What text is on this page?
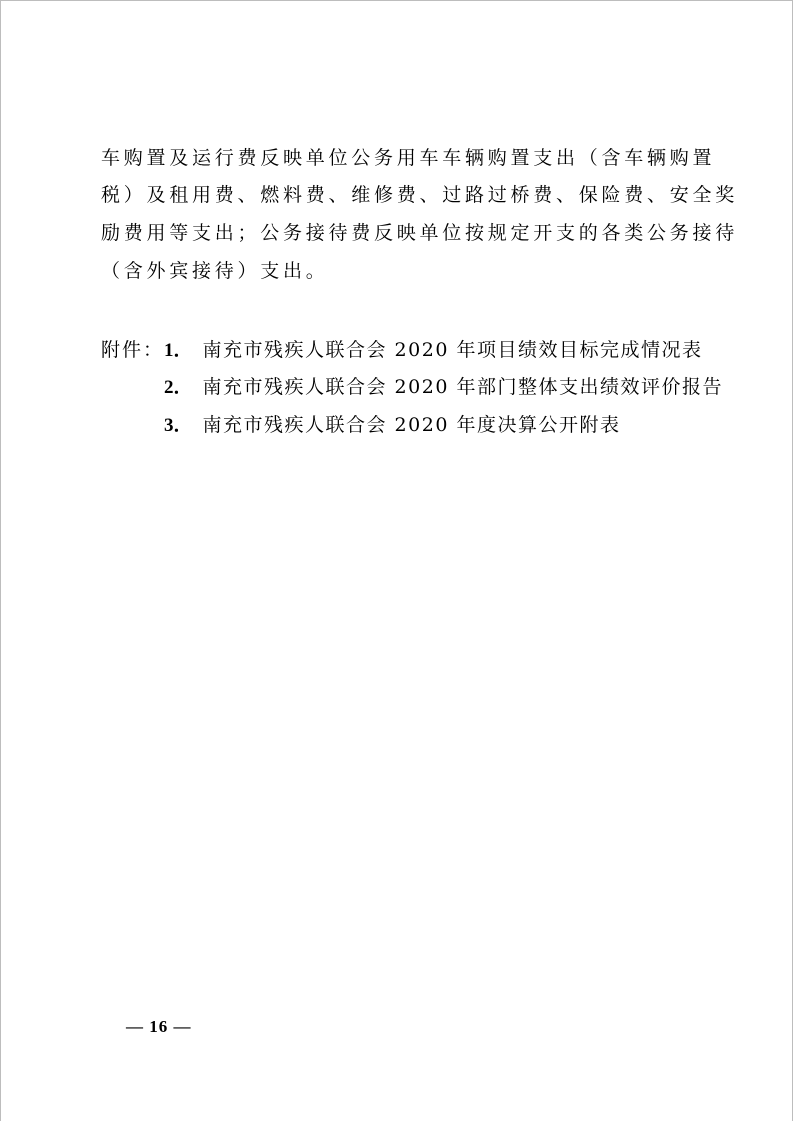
车购置及运行费反映单位公务用车车辆购置支出（含车辆购置
税）及租用费、燃料费、维修费、过路过桥费、保险费、安全奖
励费用等支出；公务接待费反映单位按规定开支的各类公务接待
（含外宾接待）支出。
附件： 1． 南充市残疾人联合会 2020 年项目绩效目标完成情况表
2． 南充市残疾人联合会 2020 年部门整体支出绩效评价报告
3． 南充市残疾人联合会 2020 年度决算公开附表
— 16 —
